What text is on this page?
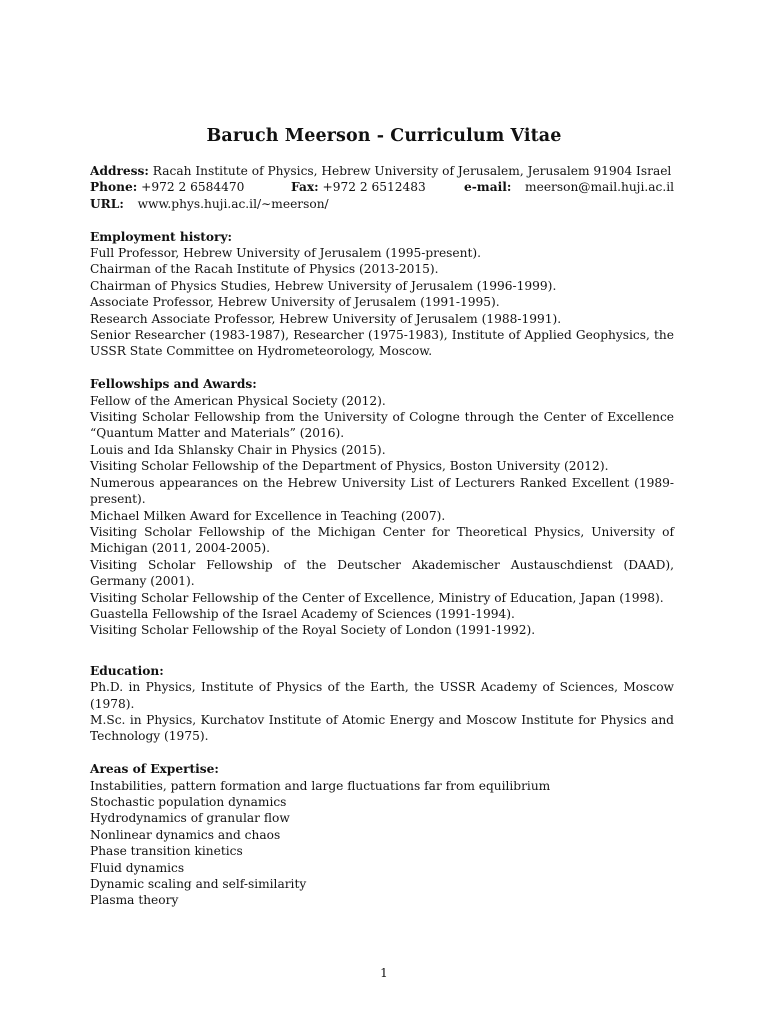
Baruch Meerson - Curriculum Vitae
Address: Racah Institute of Physics, Hebrew University of Jerusalem, Jerusalem 91904 Israel
Phone: +972 2 6584470	Fax: +972 2 6512483	e-mail: meerson@mail.huji.ac.il
URL: www.phys.huji.ac.il/∼meerson/
Employment history:
Full Professor, Hebrew University of Jerusalem (1995-present).
Chairman of the Racah Institute of Physics (2013-2015).
Chairman of Physics Studies, Hebrew University of Jerusalem (1996-1999).
Associate Professor, Hebrew University of Jerusalem (1991-1995).
Research Associate Professor, Hebrew University of Jerusalem (1988-1991).
Senior Researcher (1983-1987), Researcher (1975-1983), Institute of Applied Geophysics, the USSR State Committee on Hydrometeorology, Moscow.
Fellowships and Awards:
Fellow of the American Physical Society (2012).
Visiting Scholar Fellowship from the University of Cologne through the Center of Excellence “Quantum Matter and Materials” (2016).
Louis and Ida Shlansky Chair in Physics (2015).
Visiting Scholar Fellowship of the Department of Physics, Boston University (2012).
Numerous appearances on the Hebrew University List of Lecturers Ranked Excellent (1989-present).
Michael Milken Award for Excellence in Teaching (2007).
Visiting Scholar Fellowship of the Michigan Center for Theoretical Physics, University of Michigan (2011, 2004-2005).
Visiting Scholar Fellowship of the Deutscher Akademischer Austauschdienst (DAAD), Germany (2001).
Visiting Scholar Fellowship of the Center of Excellence, Ministry of Education, Japan (1998).
Guastella Fellowship of the Israel Academy of Sciences (1991-1994).
Visiting Scholar Fellowship of the Royal Society of London (1991-1992).
Education:
Ph.D. in Physics, Institute of Physics of the Earth, the USSR Academy of Sciences, Moscow (1978).
M.Sc. in Physics, Kurchatov Institute of Atomic Energy and Moscow Institute for Physics and Technology (1975).
Areas of Expertise:
Instabilities, pattern formation and large fluctuations far from equilibrium
Stochastic population dynamics
Hydrodynamics of granular flow
Nonlinear dynamics and chaos
Phase transition kinetics
Fluid dynamics
Dynamic scaling and self-similarity
Plasma theory
1
